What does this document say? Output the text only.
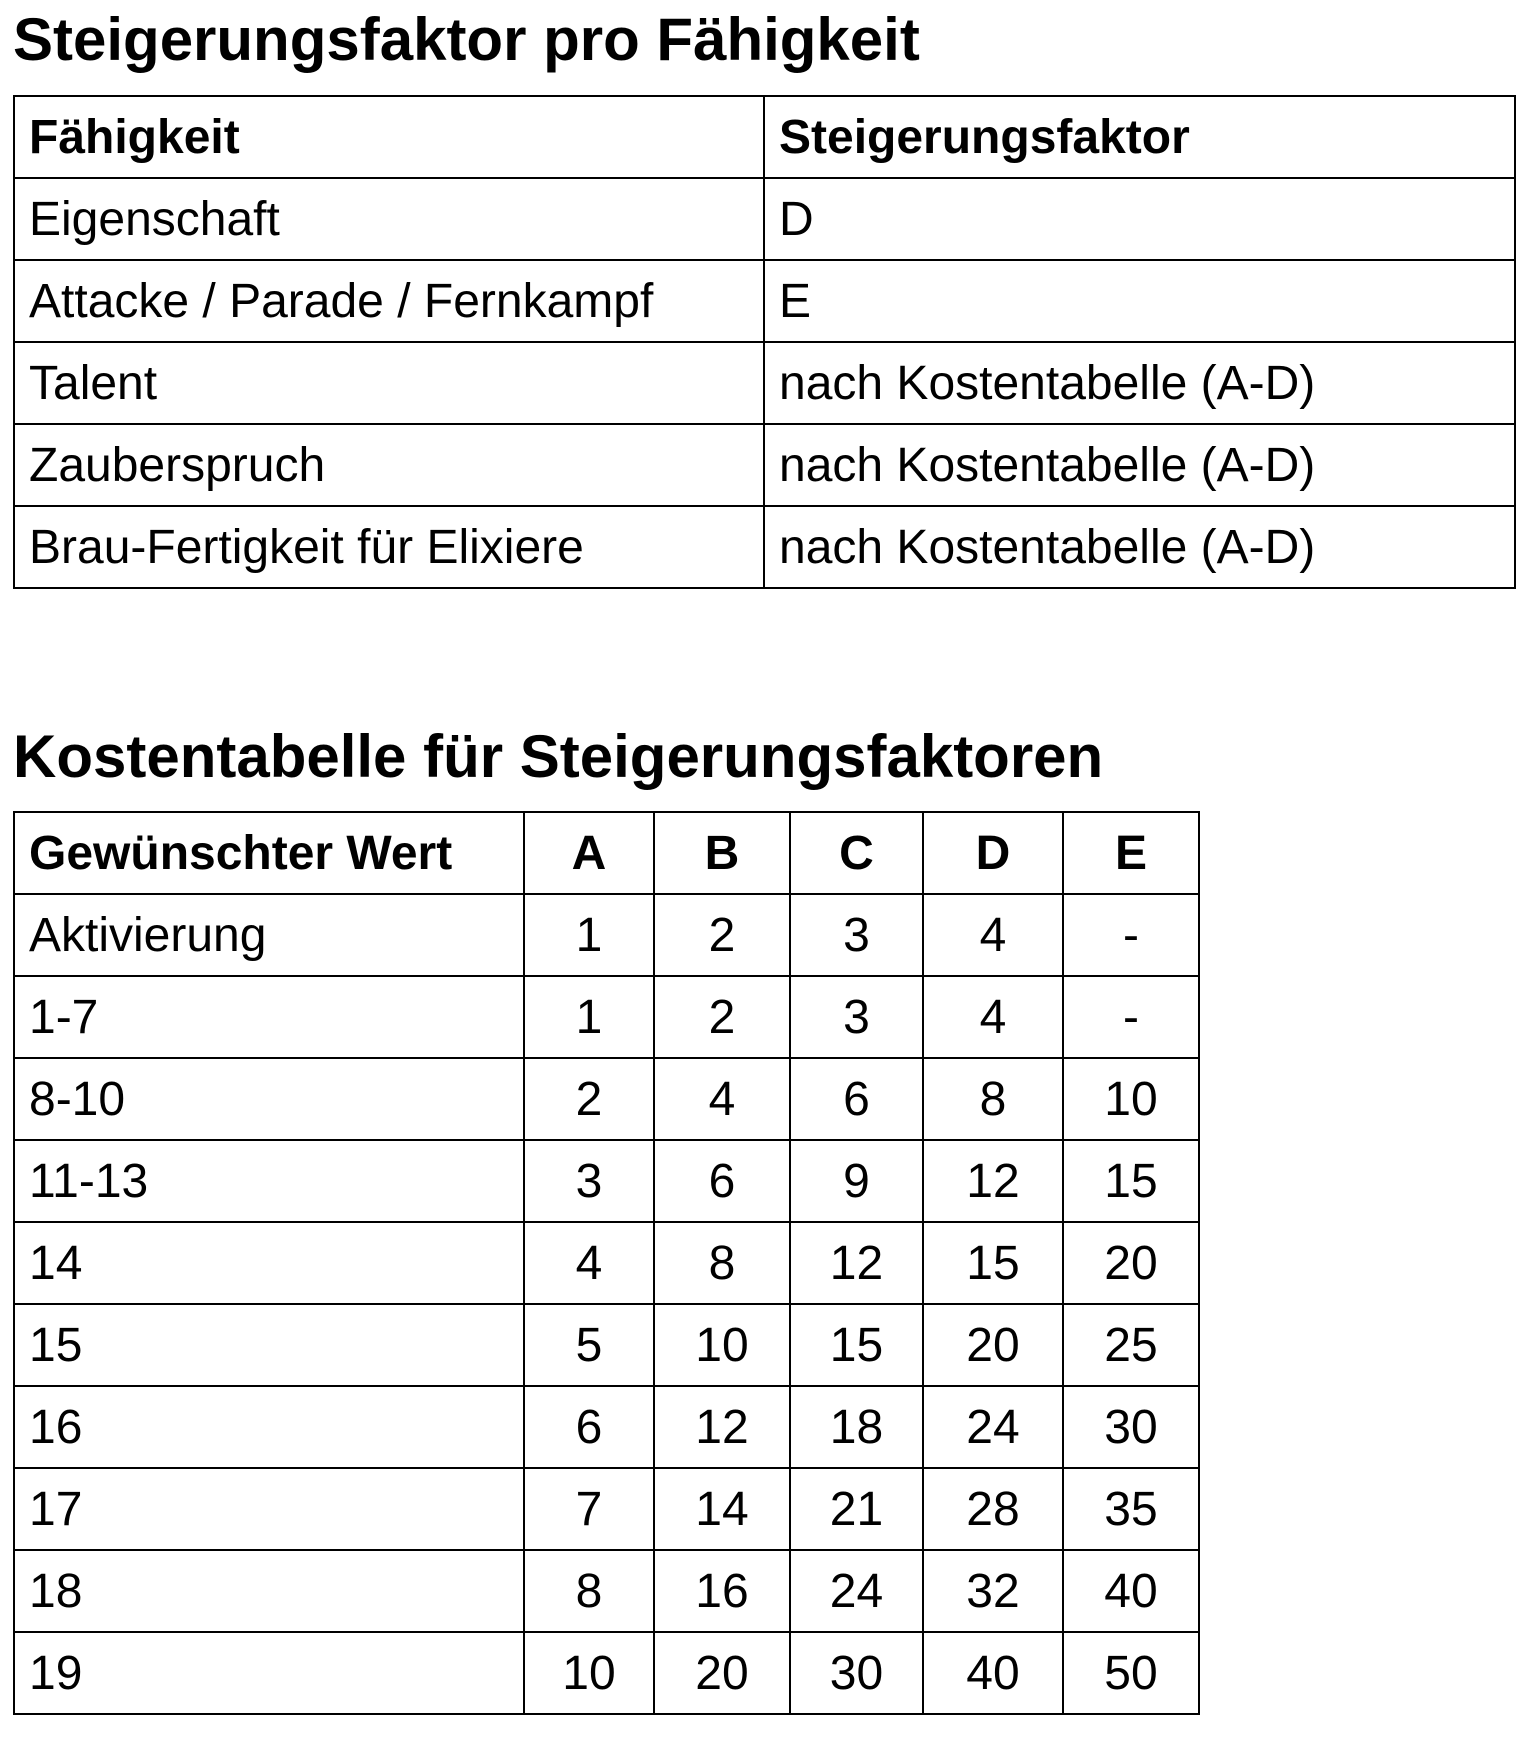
Steigerungsfaktor pro Fähigkeit
Fähigkeit	Steigerungsfaktor
Eigenschaft	D
Attacke / Parade / Fernkampf	E
Talent	nach Kostentabelle (A-D)
Zauberspruch	nach Kostentabelle (A-D)
Brau-Fertigkeit für Elixiere	nach Kostentabelle (A-D)
Kostentabelle für Steigerungsfaktoren
Gewünschter Wert	A	B	C	D	E
Aktivierung	1	2	3	4	-
1-7	1	2	3	4	-
8-10	2	4	6	8	10
11-13	3	6	9	12	15
14	4	8	12	15	20
15	5	10	15	20	25
16	6	12	18	24	30
17	7	14	21	28	35
18	8	16	24	32	40
19	10	20	30	40	50
